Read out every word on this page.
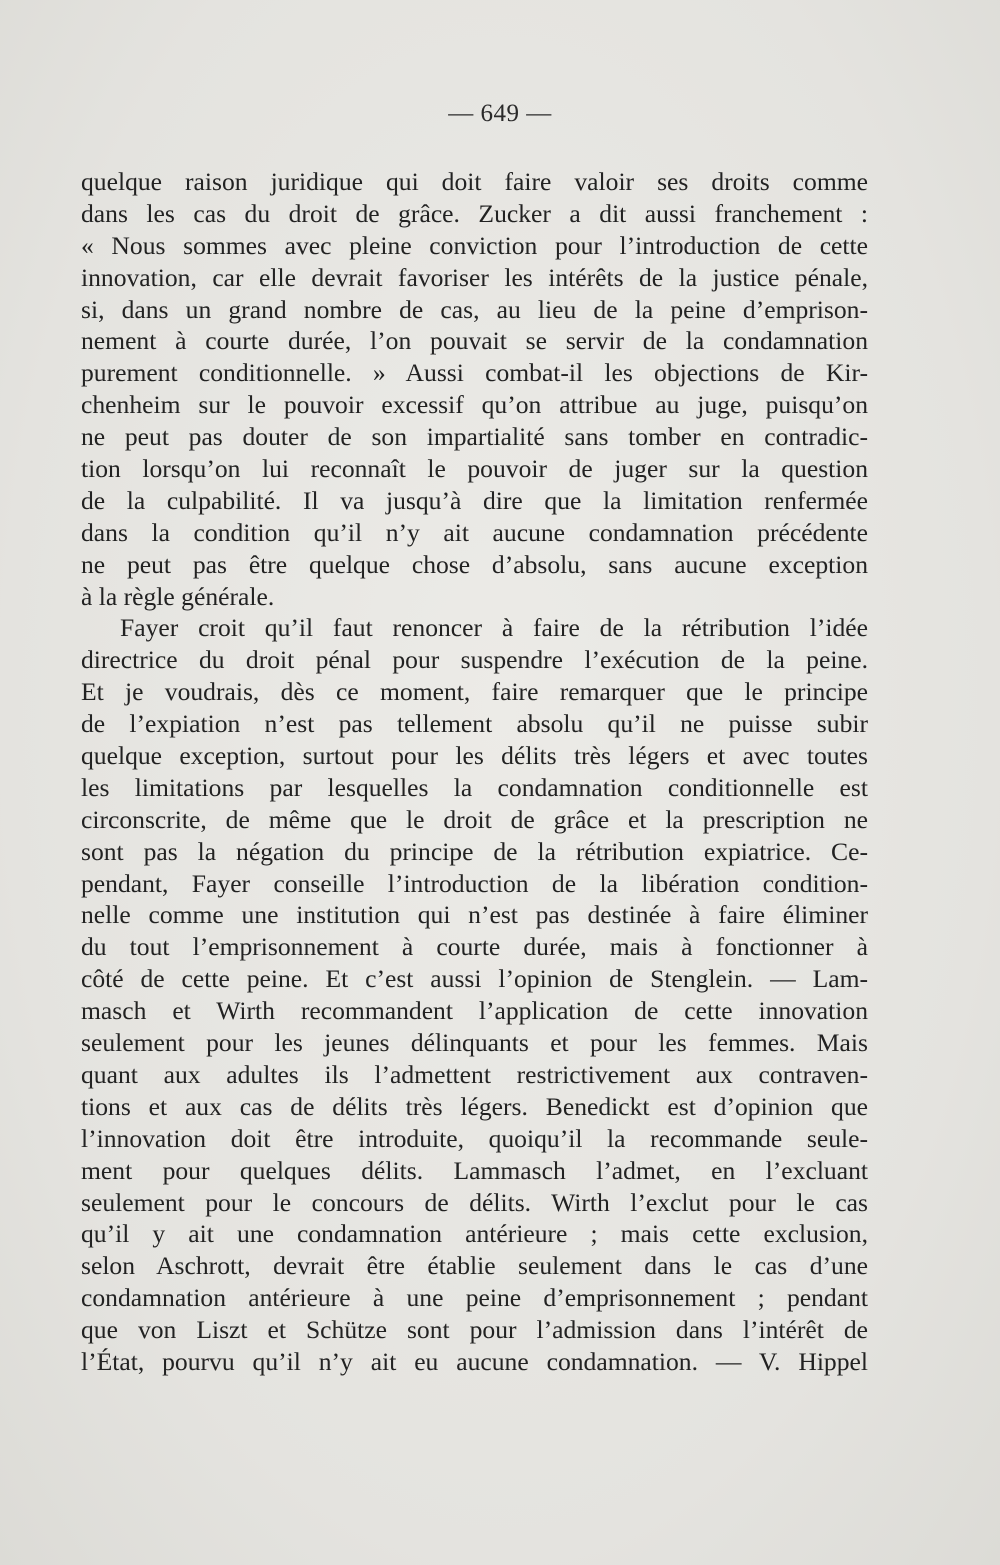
— 649 —
quelque raison juridique qui doit faire valoir ses droits comme
dans les cas du droit de grâce. Zucker a dit aussi franchement :
« Nous sommes avec pleine conviction pour l’introduction de cette
innovation, car elle devrait favoriser les intérêts de la justice pénale,
si, dans un grand nombre de cas, au lieu de la peine d’emprison-
nement à courte durée, l’on pouvait se servir de la condamnation
purement conditionnelle. » Aussi combat-il les objections de Kir-
chenheim sur le pouvoir excessif qu’on attribue au juge, puisqu’on
ne peut pas douter de son impartialité sans tomber en contradic-
tion lorsqu’on lui reconnaît le pouvoir de juger sur la question
de la culpabilité. Il va jusqu’à dire que la limitation renfermée
dans la condition qu’il n’y ait aucune condamnation précédente
ne peut pas être quelque chose d’absolu, sans aucune exception
à la règle générale.
Fayer croit qu’il faut renoncer à faire de la rétribution l’idée
directrice du droit pénal pour suspendre l’exécution de la peine.
Et je voudrais, dès ce moment, faire remarquer que le principe
de l’expiation n’est pas tellement absolu qu’il ne puisse subir
quelque exception, surtout pour les délits très légers et avec toutes
les limitations par lesquelles la condamnation conditionnelle est
circonscrite, de même que le droit de grâce et la prescription ne
sont pas la négation du principe de la rétribution expiatrice. Ce-
pendant, Fayer conseille l’introduction de la libération condition-
nelle comme une institution qui n’est pas destinée à faire éliminer
du tout l’emprisonnement à courte durée, mais à fonctionner à
côté de cette peine. Et c’est aussi l’opinion de Stenglein. — Lam-
masch et Wirth recommandent l’application de cette innovation
seulement pour les jeunes délinquants et pour les femmes. Mais
quant aux adultes ils l’admettent restrictivement aux contraven-
tions et aux cas de délits très légers. Benedickt est d’opinion que
l’innovation doit être introduite, quoiqu’il la recommande seule-
ment pour quelques délits. Lammasch l’admet, en l’excluant
seulement pour le concours de délits. Wirth l’exclut pour le cas
qu’il y ait une condamnation antérieure ; mais cette exclusion,
selon Aschrott, devrait être établie seulement dans le cas d’une
condamnation antérieure à une peine d’emprisonnement ; pendant
que von Liszt et Schütze sont pour l’admission dans l’intérêt de
l’État, pourvu qu’il n’y ait eu aucune condamnation. — V. Hippel
